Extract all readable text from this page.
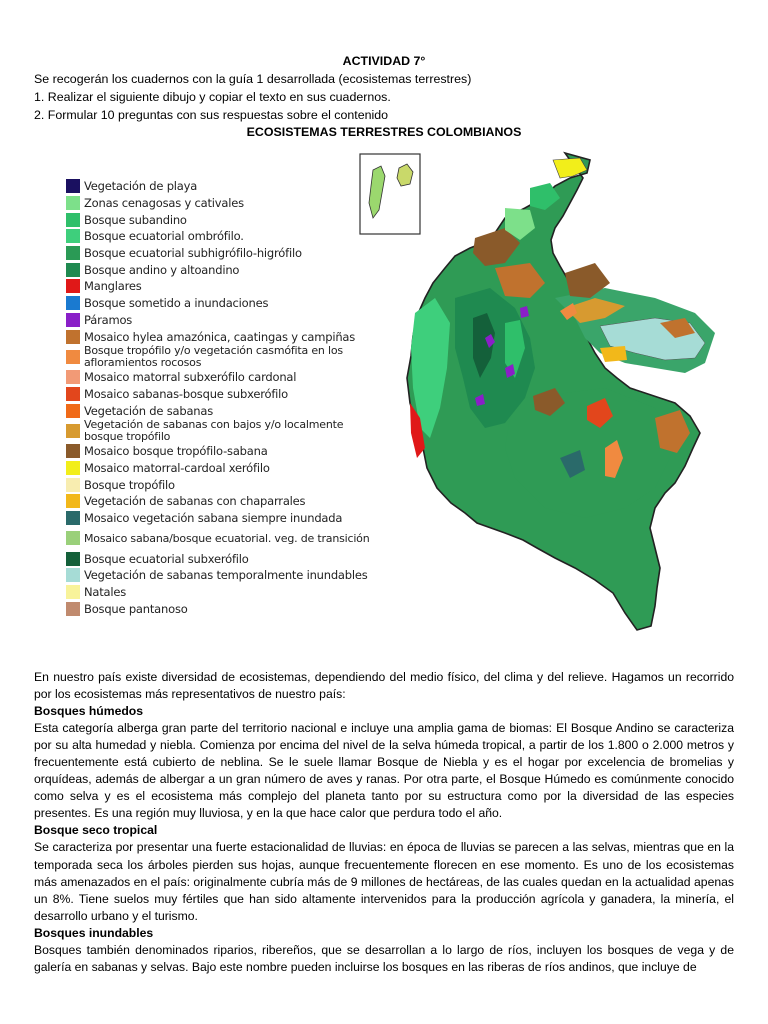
ACTIVIDAD 7°
Se recogerán los cuadernos con la guía 1 desarrollada (ecosistemas terrestres)
1. Realizar el siguiente dibujo y copiar el texto en sus cuadernos.
2. Formular 10 preguntas con sus respuestas sobre el contenido
ECOSISTEMAS TERRESTRES COLOMBIANOS
Vegetación de playa
Zonas cenagosas y cativales
Bosque subandino
Bosque ecuatorial ombrófilo.
Bosque ecuatorial subhigrófilo-higrófilo
Bosque andino y altoandino
Manglares
Bosque sometido a inundaciones
Páramos
Mosaico hylea amazónica, caatingas y campiñas
Bosque tropófilo y/o vegetación casmófita en los afloramientos rocosos
Mosaico matorral subxerófilo cardonal
Mosaico sabanas-bosque subxerófilo
Vegetación de sabanas
Vegetación de sabanas con bajos y/o localmente bosque tropófilo
Mosaico bosque tropófilo-sabana
Mosaico matorral-cardoal xerófilo
Bosque tropófilo
Vegetación de sabanas con chaparrales
Mosaico vegetación sabana siempre inundada
Mosaico sabana/bosque ecuatorial. veg. de transición
Bosque ecuatorial subxerófilo
Vegetación de sabanas temporalmente inundables
Natales
Bosque pantanoso

En nuestro país existe diversidad de ecosistemas, dependiendo del medio físico, del clima y del relieve. Hagamos un recorrido por los ecosistemas más representativos de nuestro país:

Bosques húmedos

Esta categoría alberga gran parte del territorio nacional e incluye una amplia gama de biomas: El Bosque Andino se caracteriza por su alta humedad y niebla. Comienza por encima del nivel de la selva húmeda tropical, a partir de los 1.800 o 2.000 metros y frecuentemente está cubierto de neblina. Se le suele llamar Bosque de Niebla y es el hogar por excelencia de bromelias y orquídeas, además de albergar a un gran número de aves y ranas. Por otra parte, el Bosque Húmedo es comúnmente conocido como selva y es el ecosistema más complejo del planeta tanto por su estructura como por la diversidad de las especies presentes. Es una región muy lluviosa, y en la que hace calor que perdura todo el año.

Bosque seco tropical

Se caracteriza por presentar una fuerte estacionalidad de lluvias: en época de lluvias se parecen a las selvas, mientras que en la temporada seca los árboles pierden sus hojas, aunque frecuentemente florecen en ese momento. Es uno de los ecosistemas más amenazados en el país: originalmente cubría más de 9 millones de hectáreas, de las cuales quedan en la actualidad apenas un 8%. Tiene suelos muy fértiles que han sido altamente intervenidos para la producción agrícola y ganadera, la minería, el desarrollo urbano y el turismo.

Bosques inundables

Bosques también denominados riparios, ribereños, que se desarrollan a lo largo de ríos, incluyen los bosques de vega y de galería en sabanas y selvas. Bajo este nombre pueden incluirse los bosques en las riberas de ríos andinos, que incluye de
